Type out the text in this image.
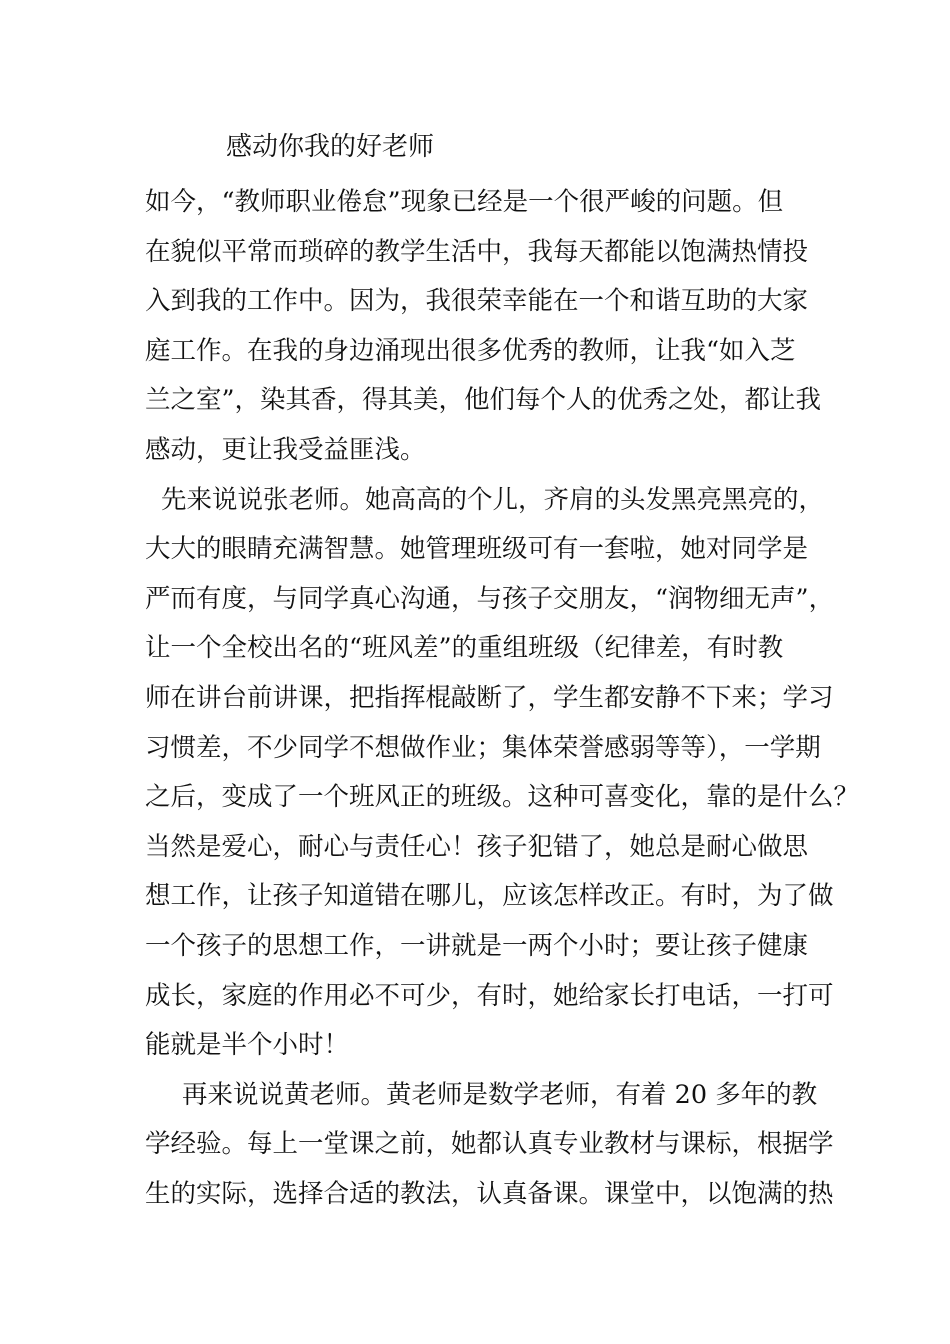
感动你我的好老师
如今，“教师职业倦怠”现象已经是一个很严峻的问题。但
在貌似平常而琐碎的教学生活中，我每天都能以饱满热情投
入到我的工作中。因为，我很荣幸能在一个和谐互助的大家
庭工作。在我的身边涌现出很多优秀的教师，让我“如入芝
兰之室”，染其香，得其美，他们每个人的优秀之处，都让我
感动，更让我受益匪浅。
先来说说张老师。她高高的个儿，齐肩的头发黑亮黑亮的，
大大的眼睛充满智慧。她管理班级可有一套啦，她对同学是
严而有度，与同学真心沟通，与孩子交朋友，“润物细无声”，
让一个全校出名的“班风差”的重组班级（纪律差，有时教
师在讲台前讲课，把指挥棍敲断了，学生都安静不下来；学习
习惯差，不少同学不想做作业；集体荣誉感弱等等），一学期
之后，变成了一个班风正的班级。这种可喜变化，靠的是什么？
当然是爱心，耐心与责任心！孩子犯错了，她总是耐心做思
想工作，让孩子知道错在哪儿，应该怎样改正。有时，为了做
一个孩子的思想工作，一讲就是一两个小时；要让孩子健康
成长，家庭的作用必不可少，有时，她给家长打电话，一打可
能就是半个小时！
再来说说黄老师。黄老师是数学老师，有着 20 多年的教
学经验。每上一堂课之前，她都认真专业教材与课标，根据学
生的实际，选择合适的教法，认真备课。课堂中，以饱满的热
